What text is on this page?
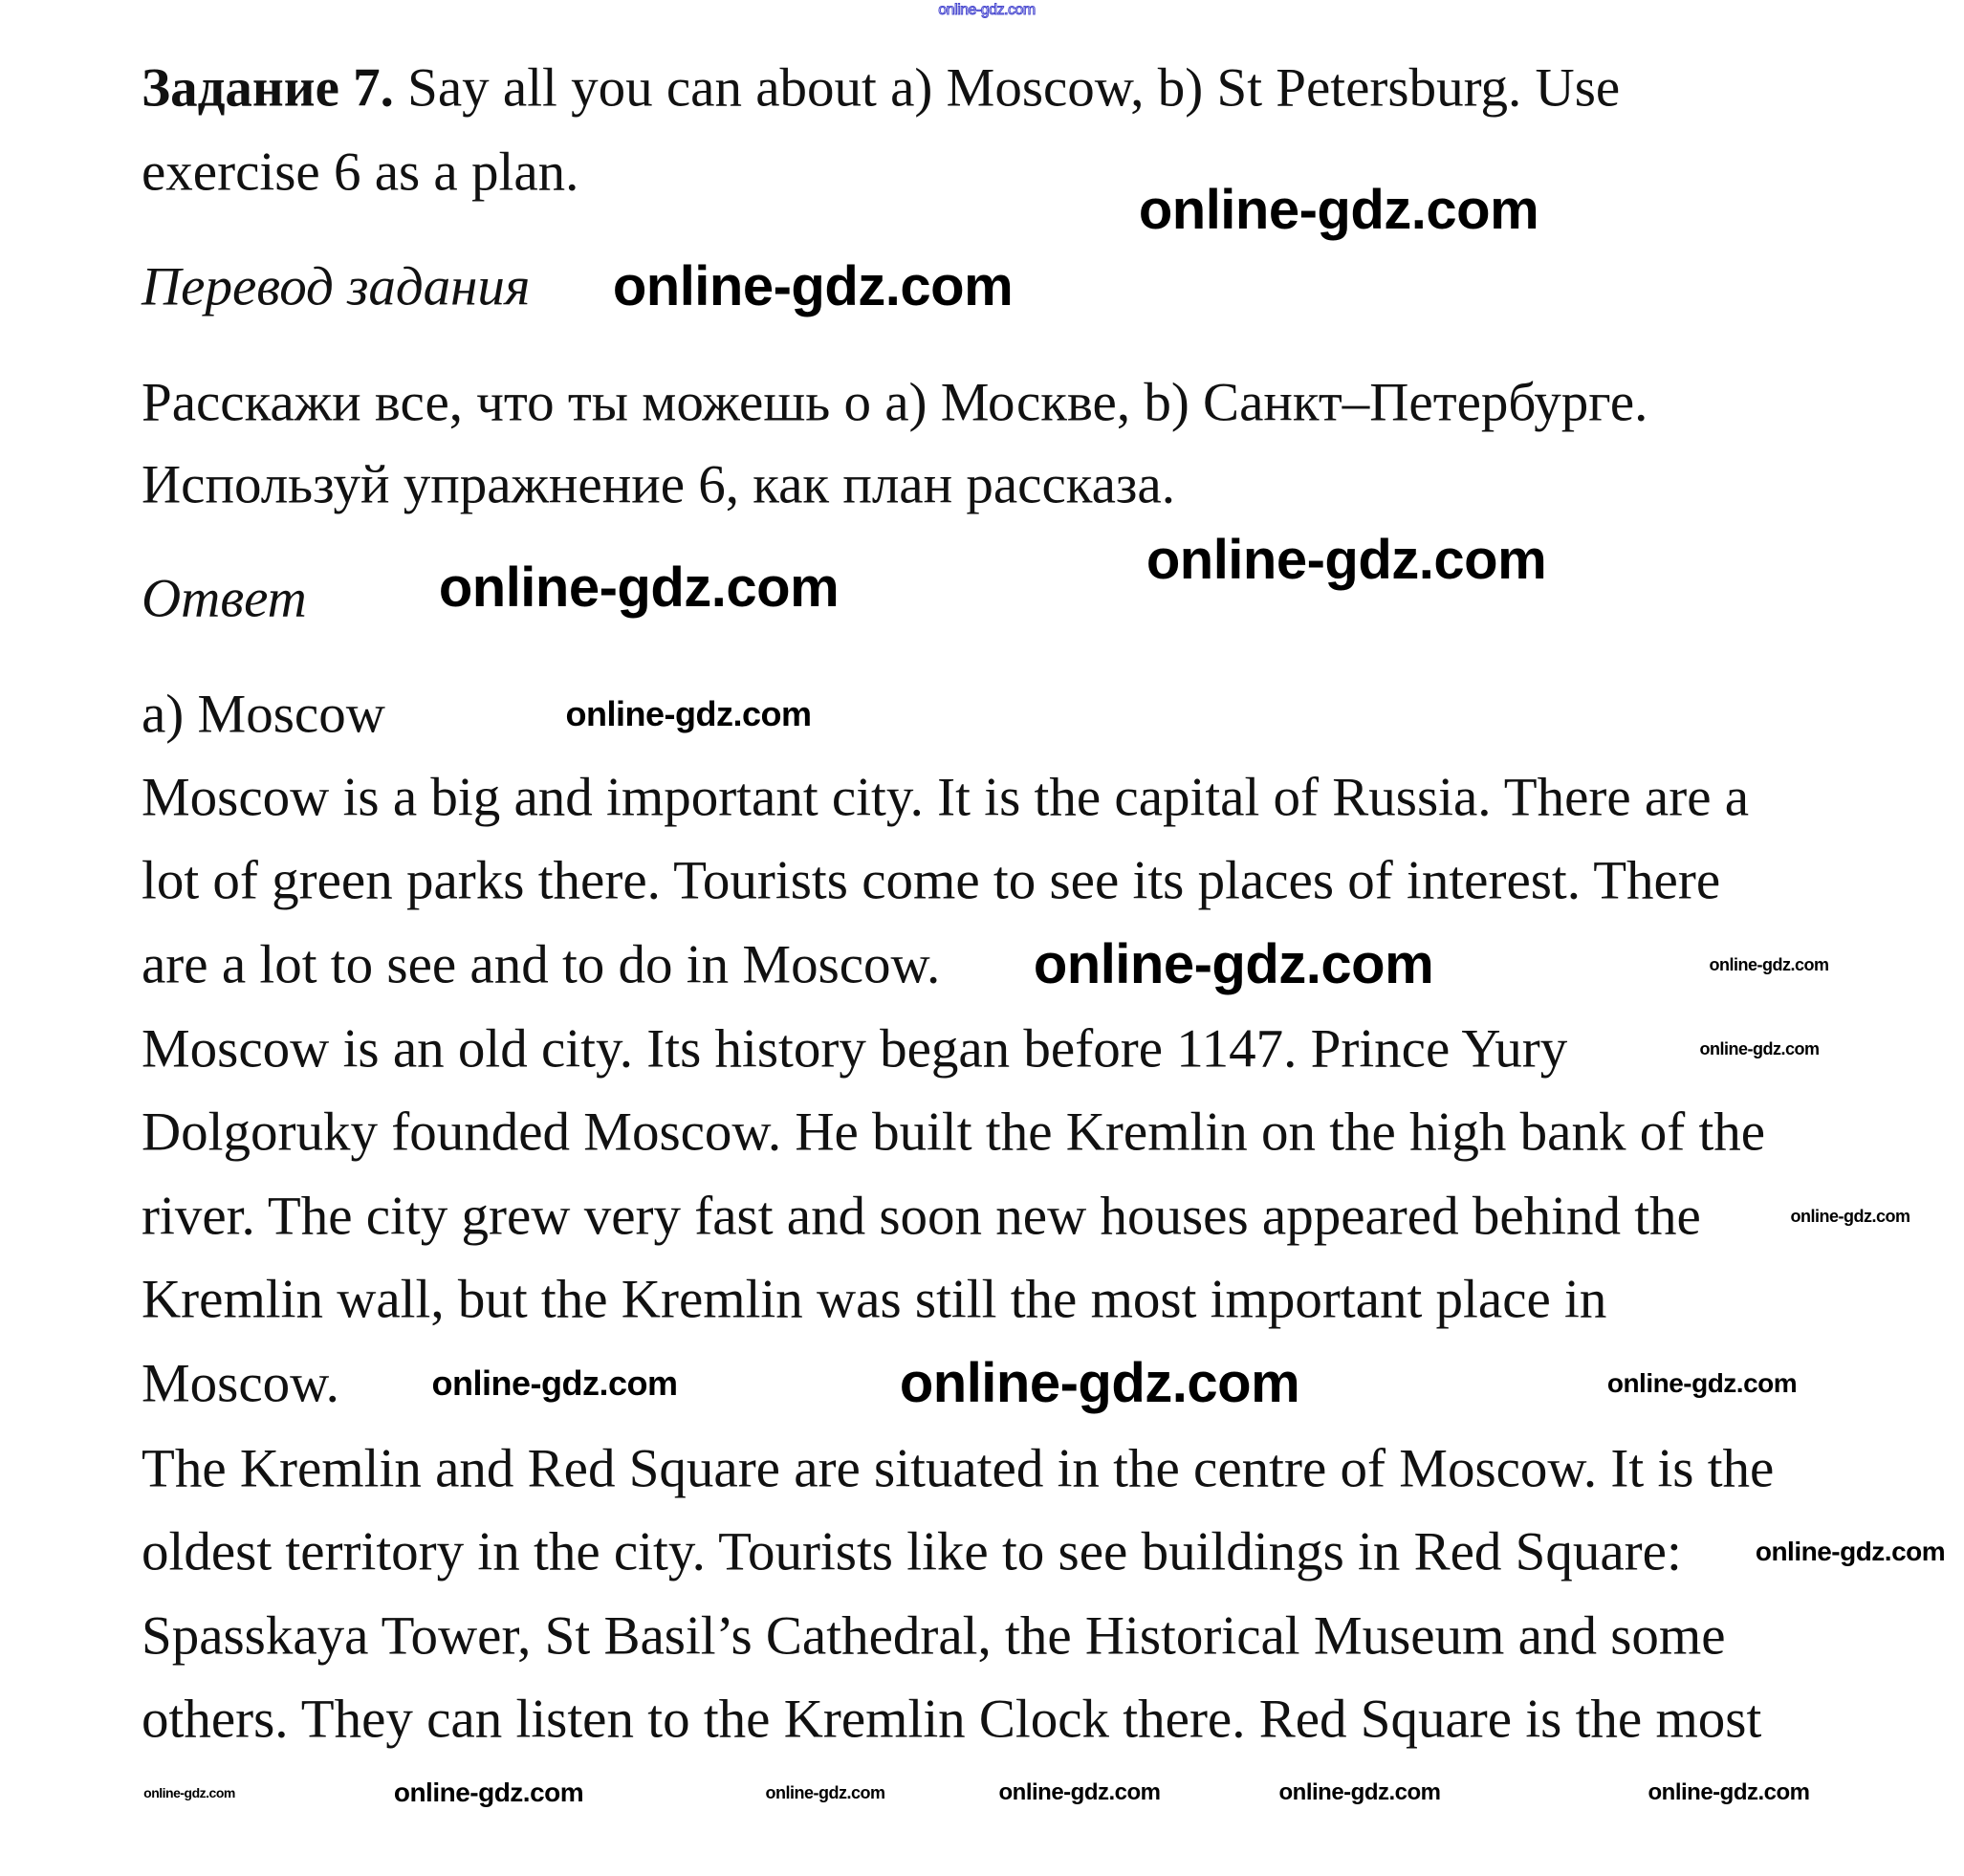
online-gdz.com
Задание 7. Say all you can about a) Moscow, b) St Petersburg. Use
exercise 6 as a plan.
Перевод задания
Расскажи все, что ты можешь о a) Москве, b) Санкт–Петербурге.
Используй упражнение 6, как план рассказа.
Ответ
a) Moscow
Moscow is a big and important city. It is the capital of Russia. There are a
lot of green parks there. Tourists come to see its places of interest. There
are a lot to see and to do in Moscow.
Moscow is an old city. Its history began before 1147. Prince Yury
Dolgoruky founded Moscow. He built the Kremlin on the high bank of the
river. The city grew very fast and soon new houses appeared behind the
Kremlin wall, but the Kremlin was still the most important place in
Moscow.
The Kremlin and Red Square are situated in the centre of Moscow. It is the
oldest territory in the city. Tourists like to see buildings in Red Square:
Spasskaya Tower, St Basil’s Cathedral, the Historical Museum and some
others. They can listen to the Kremlin Clock there. Red Square is the most
online-gdz.com
online-gdz.com
online-gdz.com	online-gdz.com
online-gdz.com
online-gdz.com
online-gdz.com
online-gdz.com	online-gdz.com
online-gdz.com
online-gdz.com
online-gdz.com
online-gdz.com
online-gdz.com
online-gdz.com	online-gdz.com	online-gdz.com	online-gdz.com	online-gdz.com
